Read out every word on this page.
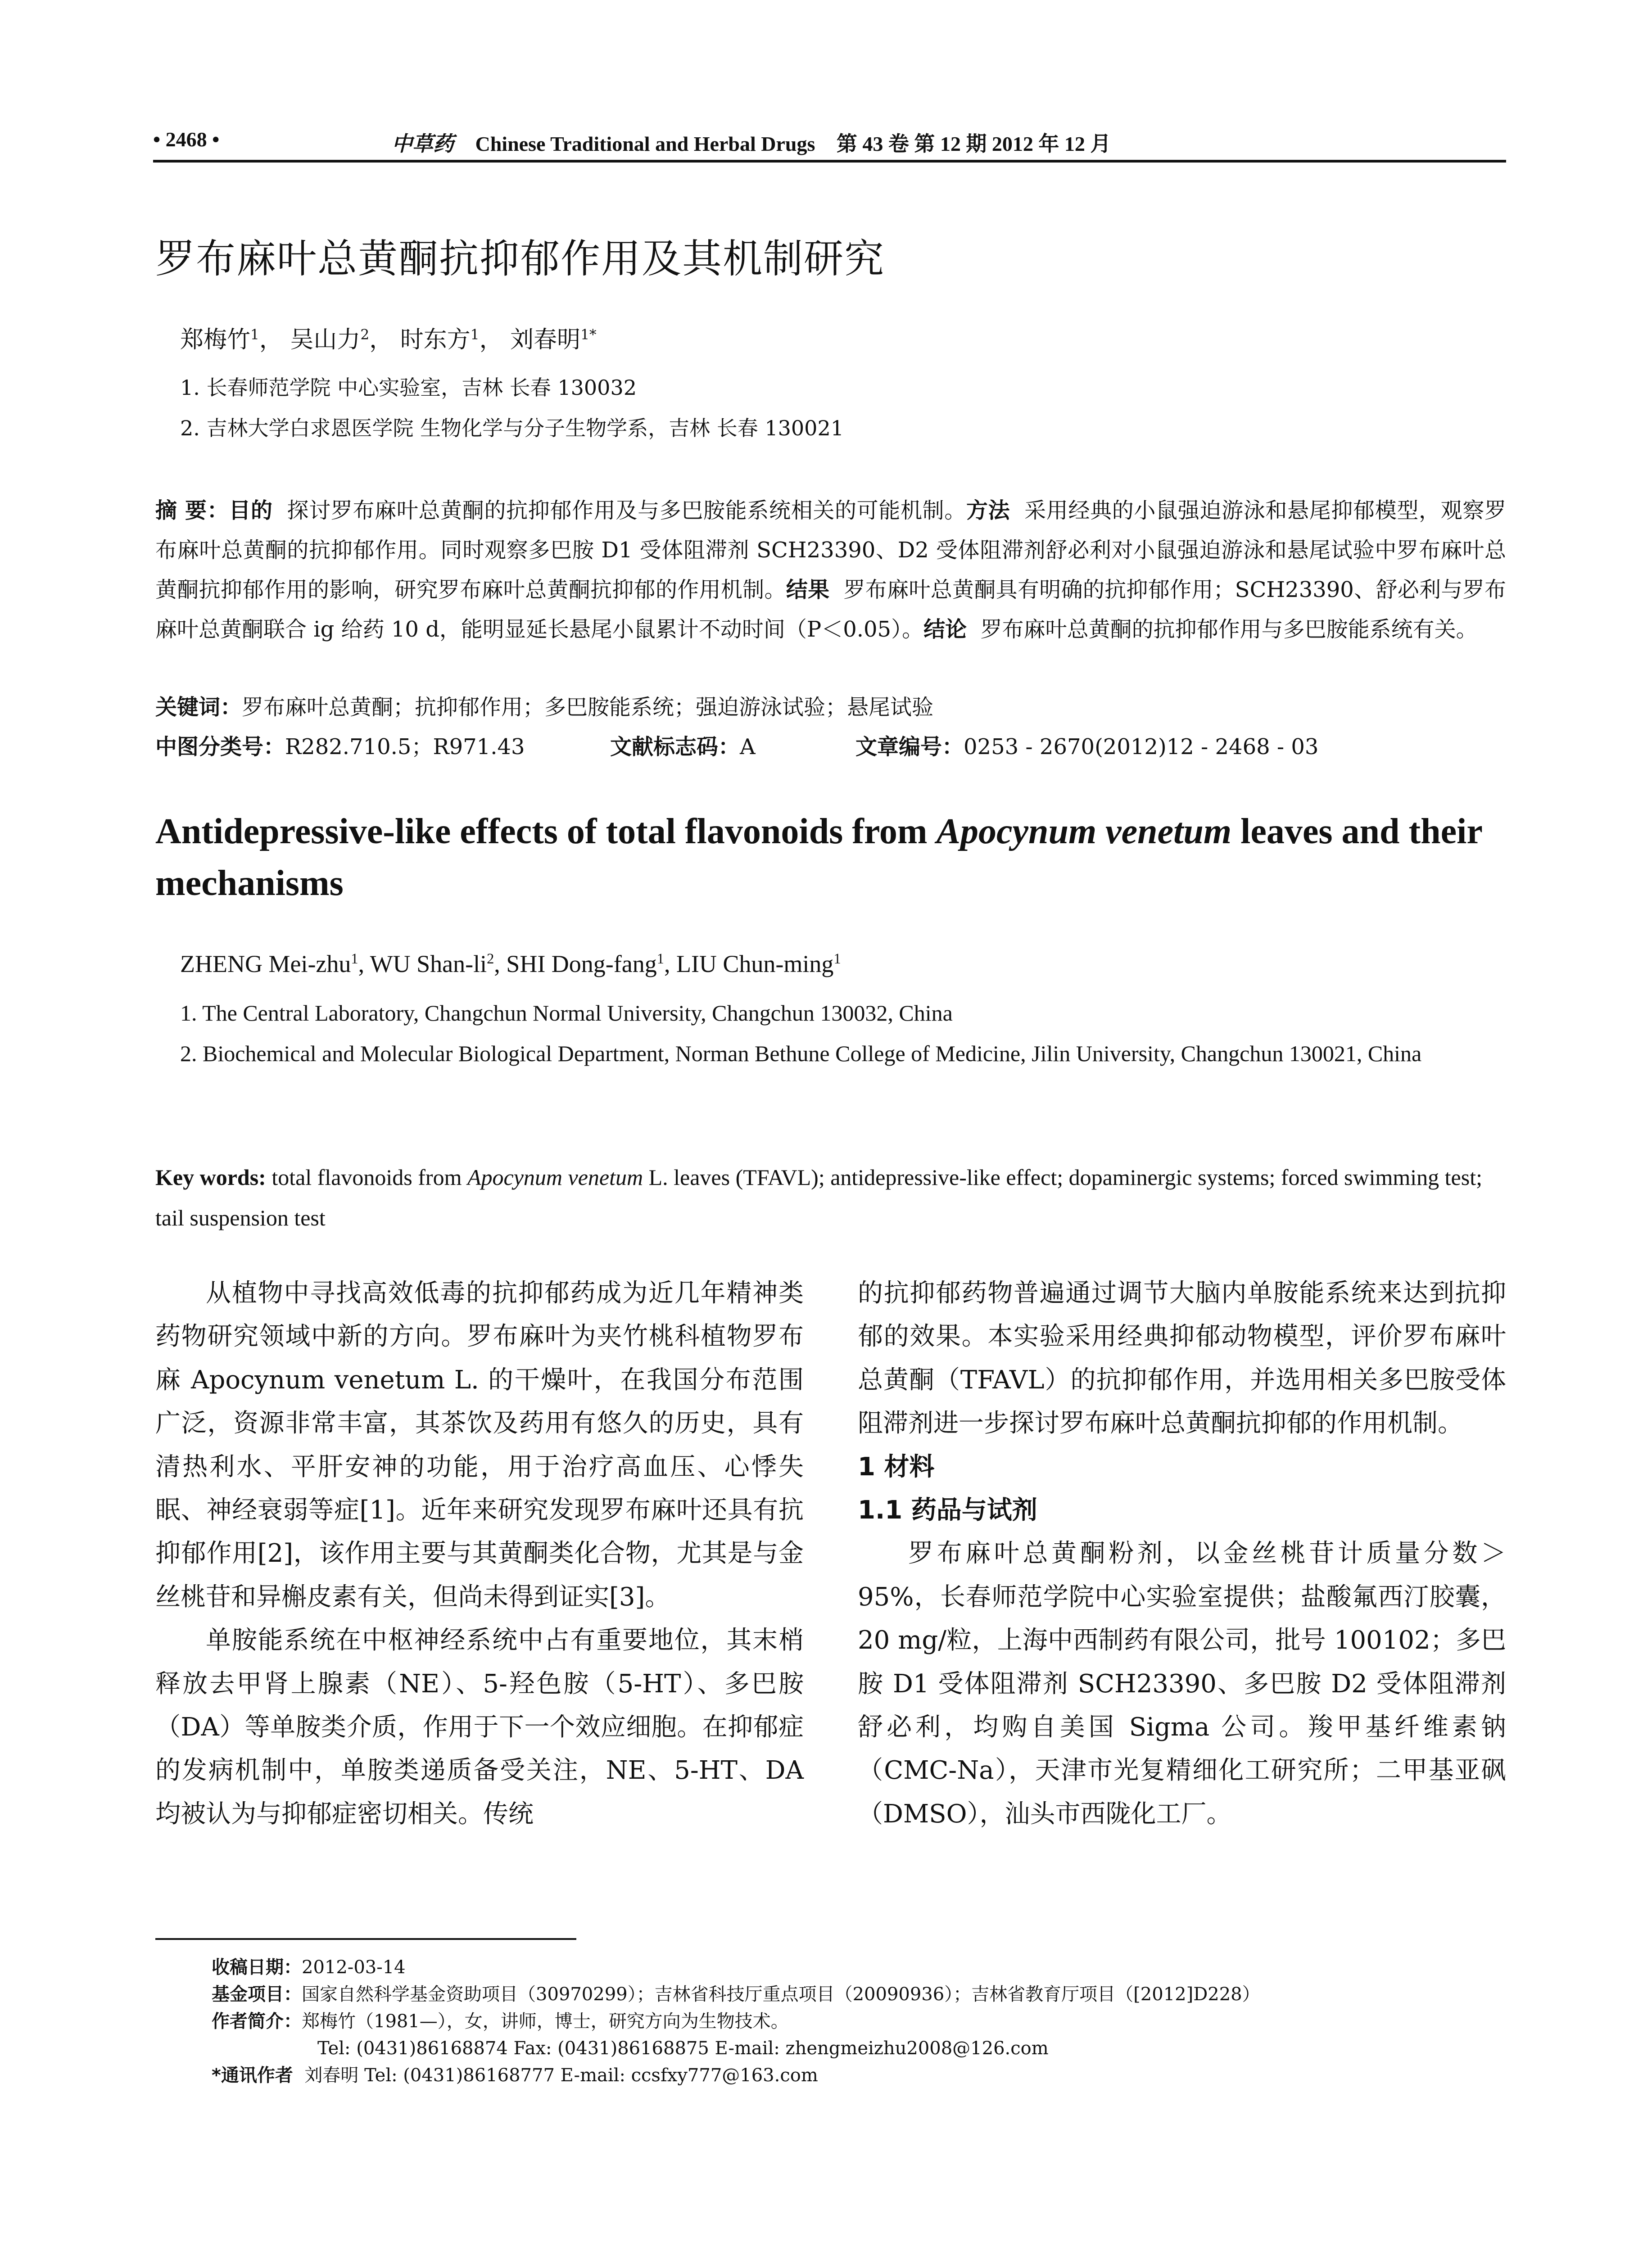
• 2468 •	中草药 Chinese Traditional and Herbal Drugs 第 43 卷 第 12 期 2012 年 12 月
罗布麻叶总黄酮抗抑郁作用及其机制研究
郑梅竹$^1$， 吴山力$^2$， 时东方$^1$， 刘春明$^{1*}$
1. 长春师范学院 中心实验室，吉林 长春 130032
2. 吉林大学白求恩医学院 生物化学与分子生物学系，吉林 长春 130021
摘 要：目的 探讨罗布麻叶总黄酮的抗抑郁作用及与多巴胺能系统相关的可能机制。方法 采用经典的小鼠强迫游泳和悬尾抑郁模型，观察罗布麻叶总黄酮的抗抑郁作用。同时观察多巴胺 D1 受体阻滞剂 SCH23390、D2 受体阻滞剂舒必利对小鼠强迫游泳和悬尾试验中罗布麻叶总黄酮抗抑郁作用的影响，研究罗布麻叶总黄酮抗抑郁的作用机制。结果 罗布麻叶总黄酮具有明确的抗抑郁作用；SCH23390、舒必利与罗布麻叶总黄酮联合 ig 给药 10 d，能明显延长悬尾小鼠累计不动时间（P＜0.05）。结论 罗布麻叶总黄酮的抗抑郁作用与多巴胺能系统有关。
关键词：罗布麻叶总黄酮；抗抑郁作用；多巴胺能系统；强迫游泳试验；悬尾试验
中图分类号：R282.710.5；R971.43	文献标志码：A	文章编号：0253 - 2670(2012)12 - 2468 - 03
Antidepressive-like effects of total flavonoids from Apocynum venetum leaves and their mechanisms
ZHENG Mei-zhu$^1$, WU Shan-$li^2$, SHI Dong-fang$^1$, LIU Chun-ming$^1$
1. The Central Laboratory, Changchun Normal University, Changchun 130032, China
2. Biochemical and Molecular Biological Department, Norman Bethune College of Medicine, Jilin University, Changchun 130021, China
Key words: total flavonoids from Apocynum venetum L. leaves (TFAVL); antidepressive-like effect; dopaminergic systems; forced swimming test; tail suspension test

从植物中寻找高效低毒的抗抑郁药成为近几年精神类药物研究领域中新的方向。罗布麻叶为夹竹桃科植物罗布麻 Apocynum venetum L. 的干燥叶，在我国分布范围广泛，资源非常丰富，其茶饮及药用有悠久的历史，具有清热利水、平肝安神的功能，用于治疗高血压、心悸失眠、神经衰弱等症[1]。近年来研究发现罗布麻叶还具有抗抑郁作用[2]，该作用主要与其黄酮类化合物，尤其是与金丝桃苷和异槲皮素有关，但尚未得到证实[3]。

单胺能系统在中枢神经系统中占有重要地位，其末梢释放去甲肾上腺素（NE）、5-羟色胺（5-HT）、多巴胺（DA）等单胺类介质，作用于下一个效应细胞。在抑郁症的发病机制中，单胺类递质备受关注，NE、5-HT、DA 均被认为与抑郁症密切相关。传统

的抗抑郁药物普遍通过调节大脑内单胺能系统来达到抗抑郁的效果。本实验采用经典抑郁动物模型，评价罗布麻叶总黄酮（TFAVL）的抗抑郁作用，并选用相关多巴胺受体阻滞剂进一步探讨罗布麻叶总黄酮抗抑郁的作用机制。

1 材料

1.1 药品与试剂

罗布麻叶总黄酮粉剂，以金丝桃苷计质量分数＞95%，长春师范学院中心实验室提供；盐酸氟西汀胶囊，20 mg/粒，上海中西制药有限公司，批号 100102；多巴胺 D1 受体阻滞剂 SCH23390、多巴胺 D2 受体阻滞剂舒必利，均购自美国 Sigma 公司。羧甲基纤维素钠（CMC-Na），天津市光复精细化工研究所；二甲基亚砜（DMSO），汕头市西陇化工厂。

收稿日期：2012-03-14
基金项目：国家自然科学基金资助项目（30970299）；吉林省科技厅重点项目（20090936）；吉林省教育厅项目（[2012]D228）
作者简介：郑梅竹（1981—），女，讲师，博士，研究方向为生物技术。
Tel: (0431)86168874 Fax: (0431)86168875 E-mail: zhengmeizhu2008@126.com
*通讯作者 刘春明 Tel: (0431)86168777 E-mail: ccsfxy777@163.com
